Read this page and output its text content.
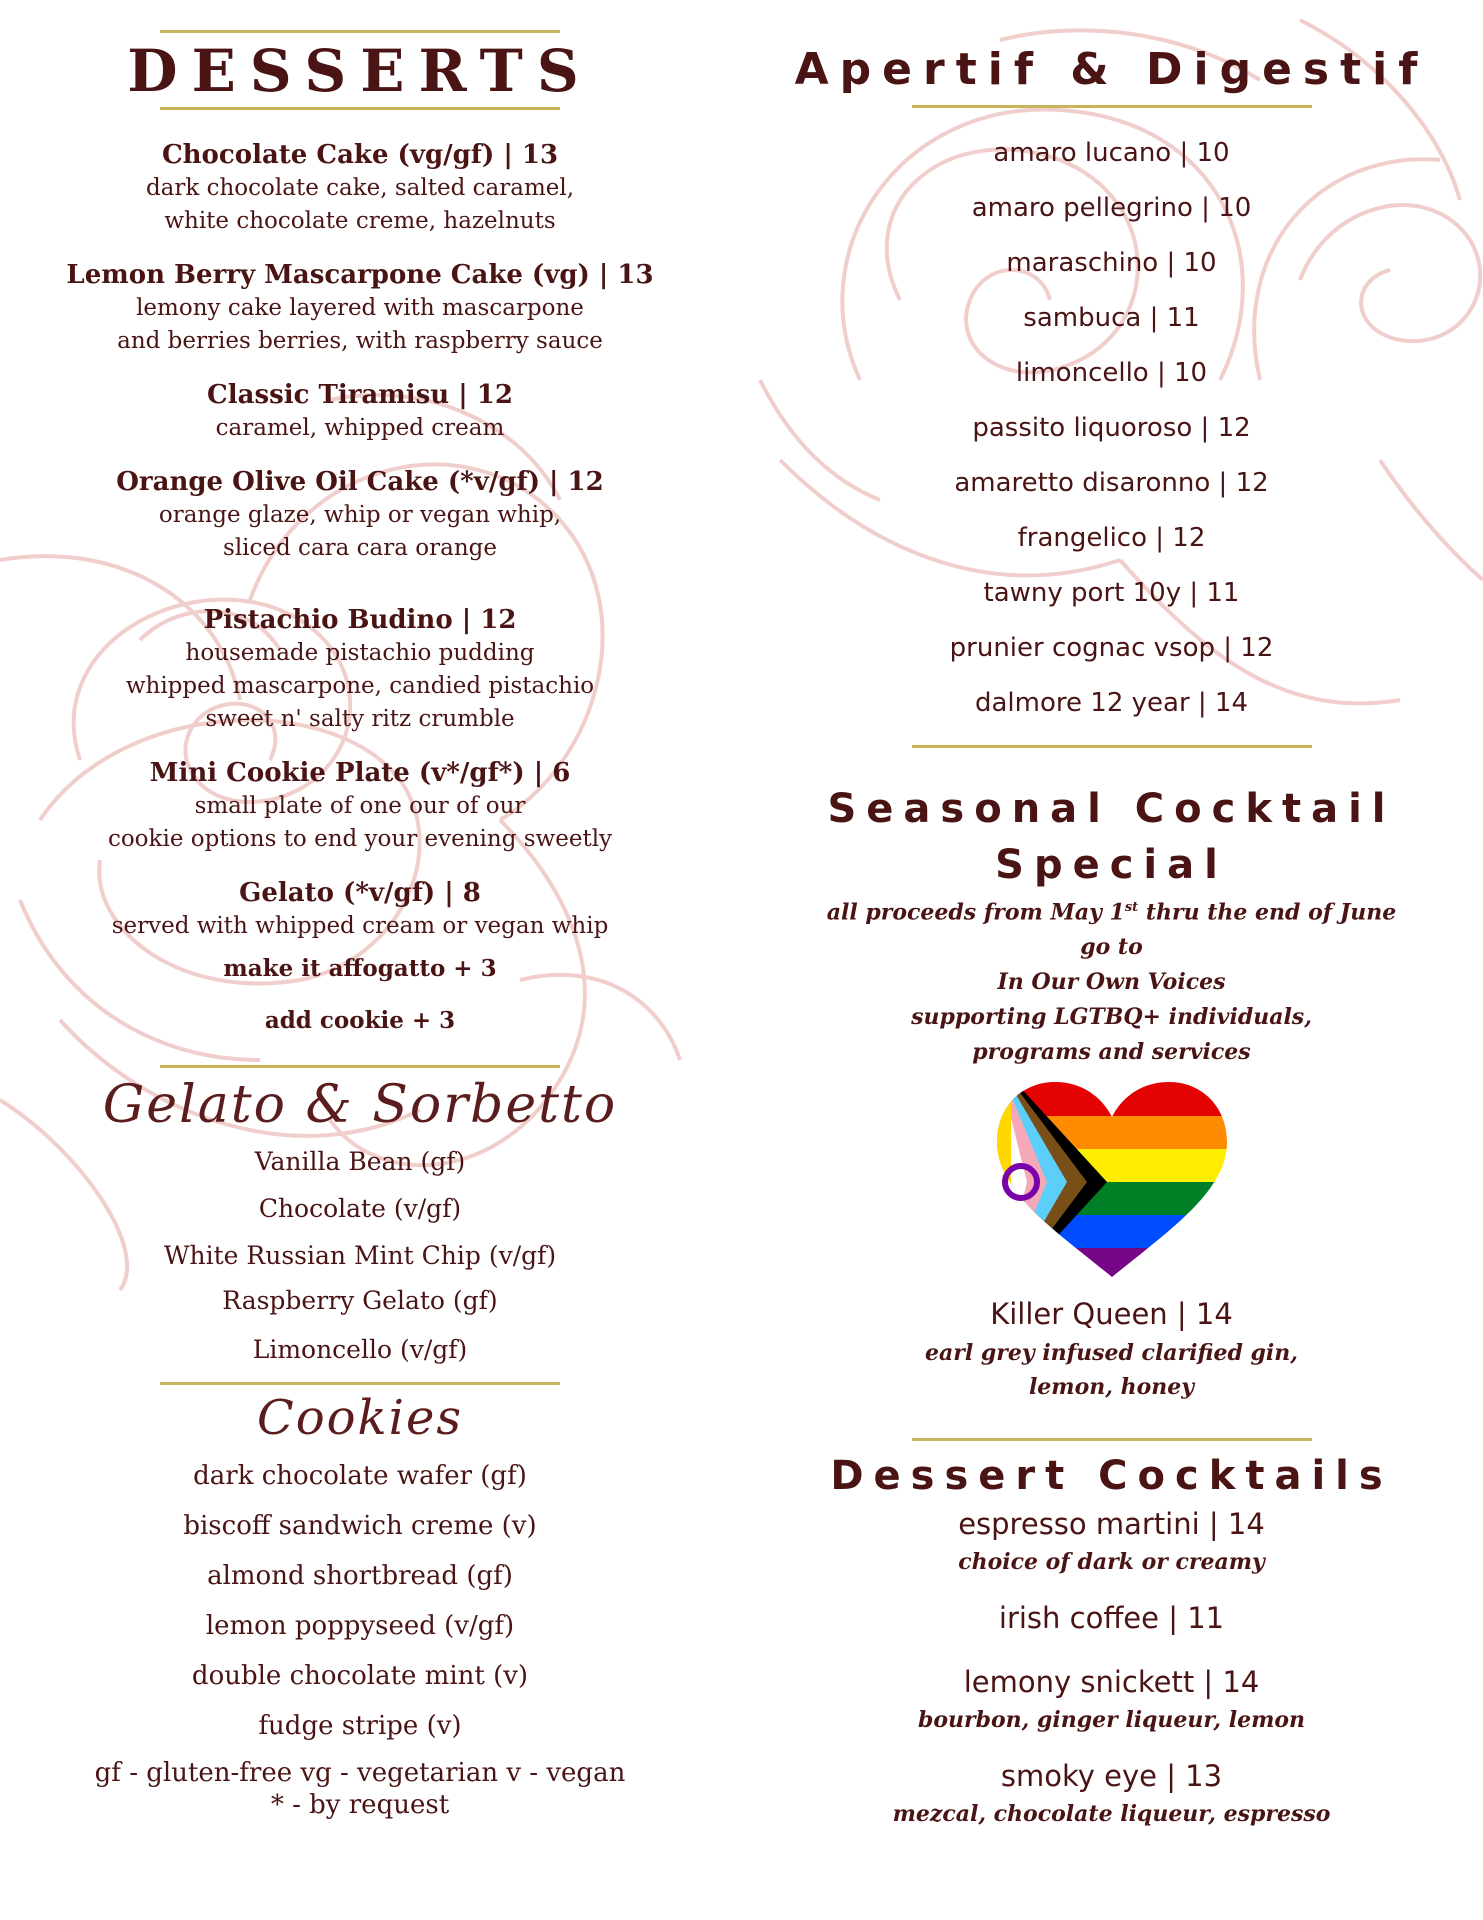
DESSERTS
Chocolate Cake (vg/gf) | 13
dark chocolate cake, salted caramel,
white chocolate creme, hazelnuts
Lemon Berry Mascarpone Cake (vg) | 13
lemony cake layered with mascarpone
and berries berries, with raspberry sauce
Classic Tiramisu | 12
caramel, whipped cream
Orange Olive Oil Cake (*v/gf) | 12
orange glaze, whip or vegan whip,
sliced cara cara orange
Pistachio Budino | 12
housemade pistachio pudding
whipped mascarpone, candied pistachio
sweet n' salty ritz crumble
Mini Cookie Plate (v*/gf*) | 6
small plate of one our of our
cookie options to end your evening sweetly
Gelato (*v/gf) | 8
served with whipped cream or vegan whip
make it affogatto + 3
add cookie + 3
Gelato & Sorbetto
Vanilla Bean (gf)
Chocolate (v/gf)
White Russian Mint Chip (v/gf)
Raspberry Gelato (gf)
Limoncello (v/gf)
Cookies
dark chocolate wafer (gf)
biscoff sandwich creme (v)
almond shortbread (gf)
lemon poppyseed (v/gf)
double chocolate mint (v)
fudge stripe (v)
gf - gluten-free vg - vegetarian v - vegan
* - by request
Apertif & Digestif
amaro lucano | 10
amaro pellegrino | 10
maraschino | 10
sambuca | 11
limoncello | 10
passito liquoroso | 12
amaretto disaronno | 12
frangelico | 12
tawny port 10y | 11
prunier cognac vsop | 12
dalmore 12 year | 14
Seasonal Cocktail
Special
all proceeds from May 1st thru the end of June
go to
In Our Own Voices
supporting LGTBQ+ individuals,
programs and services
Killer Queen | 14
earl grey infused clarified gin,
lemon, honey
Dessert Cocktails
espresso martini | 14
choice of dark or creamy
irish coffee | 11
lemony snickett | 14
bourbon, ginger liqueur, lemon
smoky eye | 13
mezcal, chocolate liqueur, espresso
